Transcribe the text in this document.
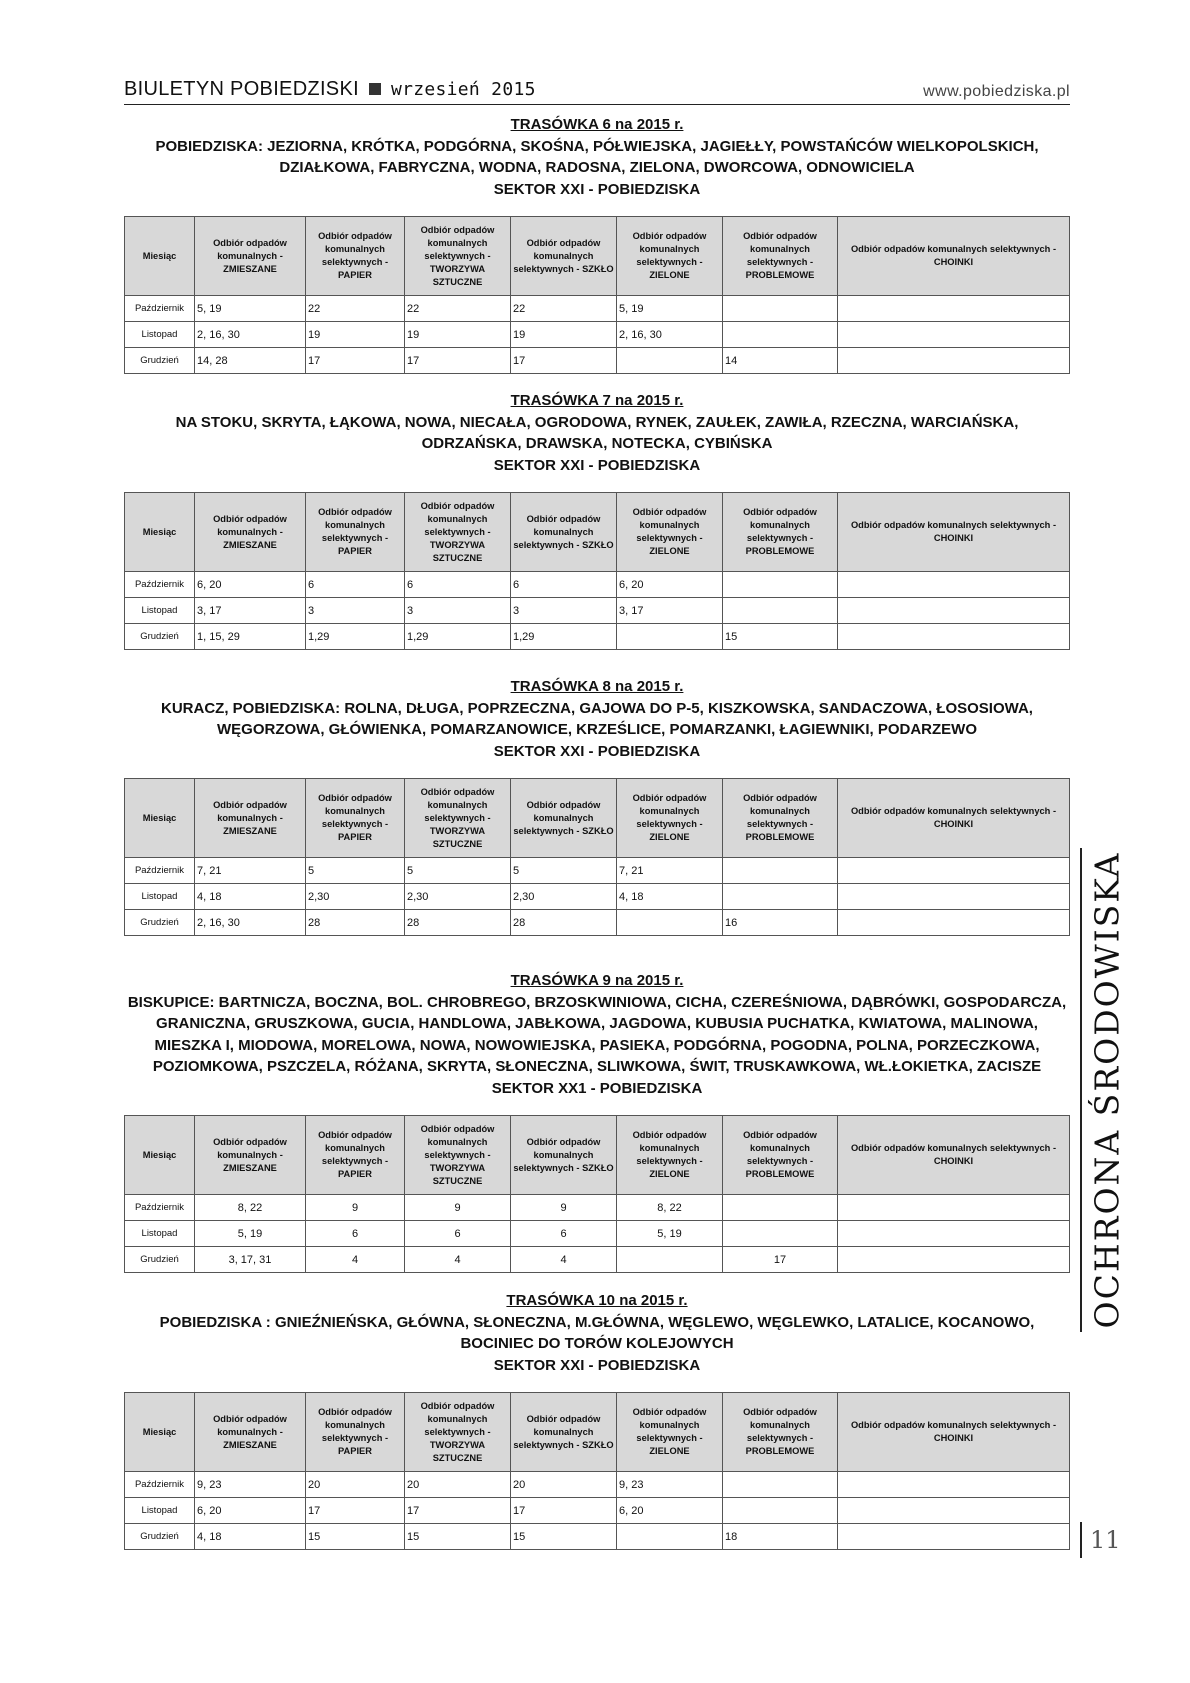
BIULETYN POBIEDZISKI wrzesień 2015	www.pobiedziska.pl
TRASÓWKA 6 na 2015 r.
POBIEDZISKA: JEZIORNA, KRÓTKA, PODGÓRNA, SKOŚNA, PÓŁWIEJSKA, JAGIEŁŁY, POWSTAŃCÓW WIELKOPOLSKICH,
DZIAŁKOWA, FABRYCZNA, WODNA, RADOSNA, ZIELONA, DWORCOWA, ODNOWICIELA
SEKTOR XXI - POBIEDZISKA
Miesiąc	Odbiór odpadów komunalnych - ZMIESZANE	Odbiór odpadów komunalnych selektywnych - PAPIER	Odbiór odpadów komunalnych selektywnych - TWORZYWA SZTUCZNE	Odbiór odpadów komunalnych selektywnych - SZKŁO	Odbiór odpadów komunalnych selektywnych - ZIELONE	Odbiór odpadów komunalnych selektywnych - PROBLEMOWE	Odbiór odpadów komunalnych selektywnych - CHOINKI
Październik	5, 19	22	22	22	5, 19		
Listopad	2, 16, 30	19	19	19	2, 16, 30		
Grudzień	14, 28	17	17	17		14	
TRASÓWKA 7 na 2015 r.
NA STOKU, SKRYTA, ŁĄKOWA, NOWA, NIECAŁA, OGRODOWA, RYNEK, ZAUŁEK, ZAWIŁA, RZECZNA, WARCIAŃSKA,
ODRZAŃSKA, DRAWSKA, NOTECKA, CYBIŃSKA
SEKTOR XXI - POBIEDZISKA
Miesiąc	Odbiór odpadów komunalnych - ZMIESZANE	Odbiór odpadów komunalnych selektywnych - PAPIER	Odbiór odpadów komunalnych selektywnych - TWORZYWA SZTUCZNE	Odbiór odpadów komunalnych selektywnych - SZKŁO	Odbiór odpadów komunalnych selektywnych - ZIELONE	Odbiór odpadów komunalnych selektywnych - PROBLEMOWE	Odbiór odpadów komunalnych selektywnych - CHOINKI
Październik	6, 20	6	6	6	6, 20		
Listopad	3, 17	3	3	3	3, 17		
Grudzień	1, 15, 29	1,29	1,29	1,29		15	
TRASÓWKA 8 na 2015 r.
KURACZ, POBIEDZISKA: ROLNA, DŁUGA, POPRZECZNA, GAJOWA DO P-5, KISZKOWSKA, SANDACZOWA, ŁOSOSIOWA,
WĘGORZOWA, GŁÓWIENKA, POMARZANOWICE, KRZEŚLICE, POMARZANKI, ŁAGIEWNIKI, PODARZEWO
SEKTOR XXI - POBIEDZISKA
Miesiąc	Odbiór odpadów komunalnych - ZMIESZANE	Odbiór odpadów komunalnych selektywnych - PAPIER	Odbiór odpadów komunalnych selektywnych - TWORZYWA SZTUCZNE	Odbiór odpadów komunalnych selektywnych - SZKŁO	Odbiór odpadów komunalnych selektywnych - ZIELONE	Odbiór odpadów komunalnych selektywnych - PROBLEMOWE	Odbiór odpadów komunalnych selektywnych - CHOINKI
Październik	7, 21	5	5	5	7, 21		
Listopad	4, 18	2,30	2,30	2,30	4, 18		
Grudzień	2, 16, 30	28	28	28		16	
TRASÓWKA 9 na 2015 r.
BISKUPICE: BARTNICZA, BOCZNA, BOL. CHROBREGO, BRZOSKWINIOWA, CICHA, CZEREŚNIOWA, DĄBRÓWKI, GOSPODARCZA,
GRANICZNA, GRUSZKOWA, GUCIA, HANDLOWA, JABŁKOWA, JAGDOWA, KUBUSIA PUCHATKA, KWIATOWA, MALINOWA,
MIESZKA I, MIODOWA, MORELOWA, NOWA, NOWOWIEJSKA, PASIEKA, PODGÓRNA, POGODNA, POLNA, PORZECZKOWA,
POZIOMKOWA, PSZCZELA, RÓŻANA, SKRYTA, SŁONECZNA, SLIWKOWA, ŚWIT, TRUSKAWKOWA, WŁ.ŁOKIETKA, ZACISZE
SEKTOR XX1 - POBIEDZISKA
Miesiąc	Odbiór odpadów komunalnych - ZMIESZANE	Odbiór odpadów komunalnych selektywnych - PAPIER	Odbiór odpadów komunalnych selektywnych - TWORZYWA SZTUCZNE	Odbiór odpadów komunalnych selektywnych - SZKŁO	Odbiór odpadów komunalnych selektywnych - ZIELONE	Odbiór odpadów komunalnych selektywnych - PROBLEMOWE	Odbiór odpadów komunalnych selektywnych - CHOINKI
Październik	8, 22	9	9	9	8, 22		
Listopad	5, 19	6	6	6	5, 19		
Grudzień	3, 17, 31	4	4	4		17	
TRASÓWKA 10 na 2015 r.
POBIEDZISKA : GNIEŹNIEŃSKA, GŁÓWNA, SŁONECZNA, M.GŁÓWNA, WĘGLEWO, WĘGLEWKO, LATALICE, KOCANOWO,
BOCINIEC DO TORÓW KOLEJOWYCH
SEKTOR XXI - POBIEDZISKA
Miesiąc	Odbiór odpadów komunalnych - ZMIESZANE	Odbiór odpadów komunalnych selektywnych - PAPIER	Odbiór odpadów komunalnych selektywnych - TWORZYWA SZTUCZNE	Odbiór odpadów komunalnych selektywnych - SZKŁO	Odbiór odpadów komunalnych selektywnych - ZIELONE	Odbiór odpadów komunalnych selektywnych - PROBLEMOWE	Odbiór odpadów komunalnych selektywnych - CHOINKI
Październik	9, 23	20	20	20	9, 23		
Listopad	6, 20	17	17	17	6, 20		
Grudzień	4, 18	15	15	15		18	
OCHRONA ŚRODOWISKA
11
